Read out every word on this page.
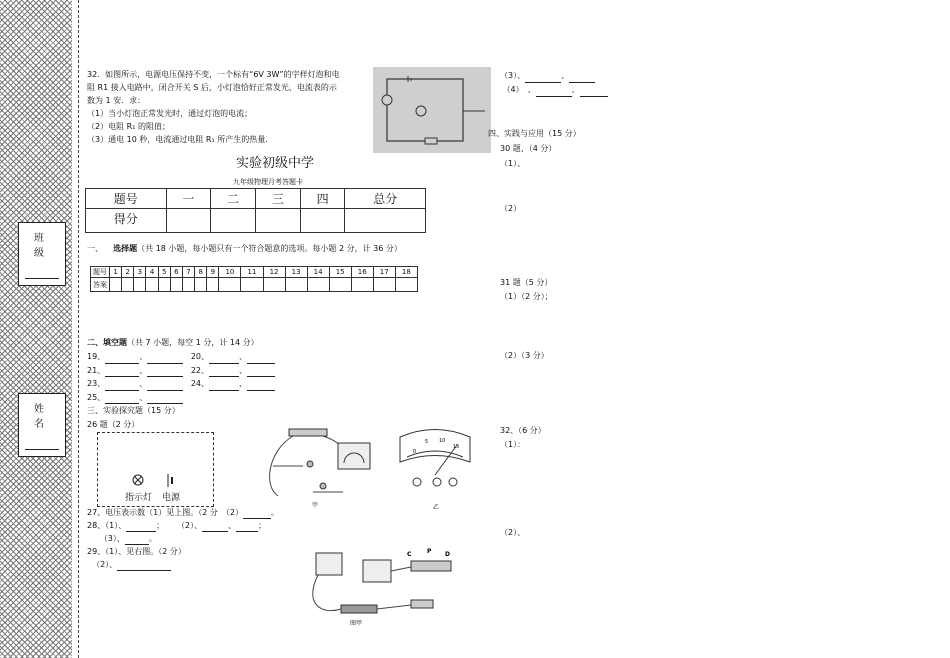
班　级
姓　名
32．如图所示，电源电压保持不变，一个标有“6V 3W”的字样灯泡和电
阻 R1 接入电路中，闭合开关 S 后，小灯泡恰好正常发光，电流表的示
数为 1 安．求：
（1）当小灯泡正常发光时，通过灯泡的电流；
（2）电阻 R₁ 的阻值；
（3）通电 10 秒，电流通过电阻 R₁ 所产生的热量.
实验初级中学
九年级物理月考答题卡
题号	一	二	三	四	总分
得分					
一、 选择题（共 18 小题，每小题只有一个符合题意的选项。每小题 2 分，计 36 分）
题号	1	2	3	4	5	6	7	8	9	10	11	12	13	14	15	16	17	18
答案																		
二、填空题（共 7 小题，每空 1 分，计 14 分）
19、	、	20、	、
21、	、	22、	、
23、	、	24、	、
25、	、
三、实验探究题（15 分）
26 题（2 分）
指示灯 电源
甲
0
5 10
15
乙
27、电压表示数（1）见上图。（2 分　（2）	。
28、（1）、	；     （2）、	、	；
（3）、	。
29、（1）、见右图。（2 分）
（2）、
C	P D
图甲
（3）、	、
（4）　、	、
四、实践与应用（15 分）
30 题、（4 分）
（1）、
（2）
31 题（5 分）
（1）（2 分）；
（2）（3 分）
32、（6 分）
（1）：
（2）、
